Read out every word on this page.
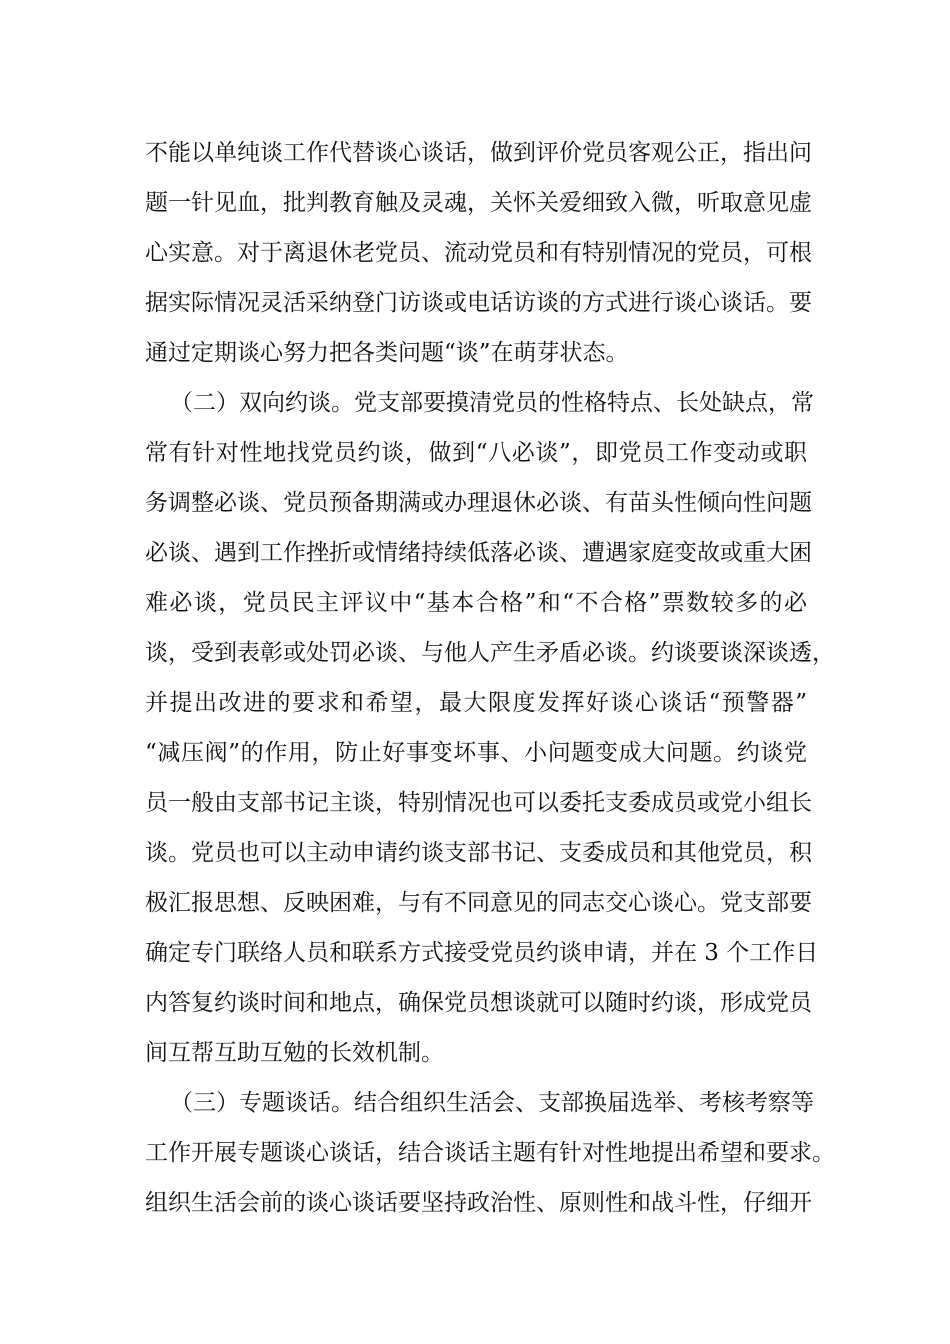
不能以单纯谈工作代替谈心谈话，做到评价党员客观公正，指出问
题一针见血，批判教育触及灵魂，关怀关爱细致入微，听取意见虚
心实意。对于离退休老党员、流动党员和有特别情况的党员，可根
据实际情况灵活采纳登门访谈或电话访谈的方式进行谈心谈话。要
通过定期谈心努力把各类问题“谈”在萌芽状态。
（二）双向约谈。党支部要摸清党员的性格特点、长处缺点，常
常有针对性地找党员约谈，做到“八必谈”，即党员工作变动或职
务调整必谈、党员预备期满或办理退休必谈、有苗头性倾向性问题
必谈、遇到工作挫折或情绪持续低落必谈、遭遇家庭变故或重大困
难必谈，党员民主评议中“基本合格”和“不合格”票数较多的必
谈，受到表彰或处罚必谈、与他人产生矛盾必谈。约谈要谈深谈透，
并提出改进的要求和希望，最大限度发挥好谈心谈话“预警器”
“减压阀”的作用，防止好事变坏事、小问题变成大问题。约谈党
员一般由支部书记主谈，特别情况也可以委托支委成员或党小组长
谈。党员也可以主动申请约谈支部书记、支委成员和其他党员，积
极汇报思想、反映困难，与有不同意见的同志交心谈心。党支部要
确定专门联络人员和联系方式接受党员约谈申请，并在 3 个工作日
内答复约谈时间和地点，确保党员想谈就可以随时约谈，形成党员
间互帮互助互勉的长效机制。
（三）专题谈话。结合组织生活会、支部换届选举、考核考察等
工作开展专题谈心谈话，结合谈话主题有针对性地提出希望和要求。
组织生活会前的谈心谈话要坚持政治性、原则性和战斗性，仔细开
